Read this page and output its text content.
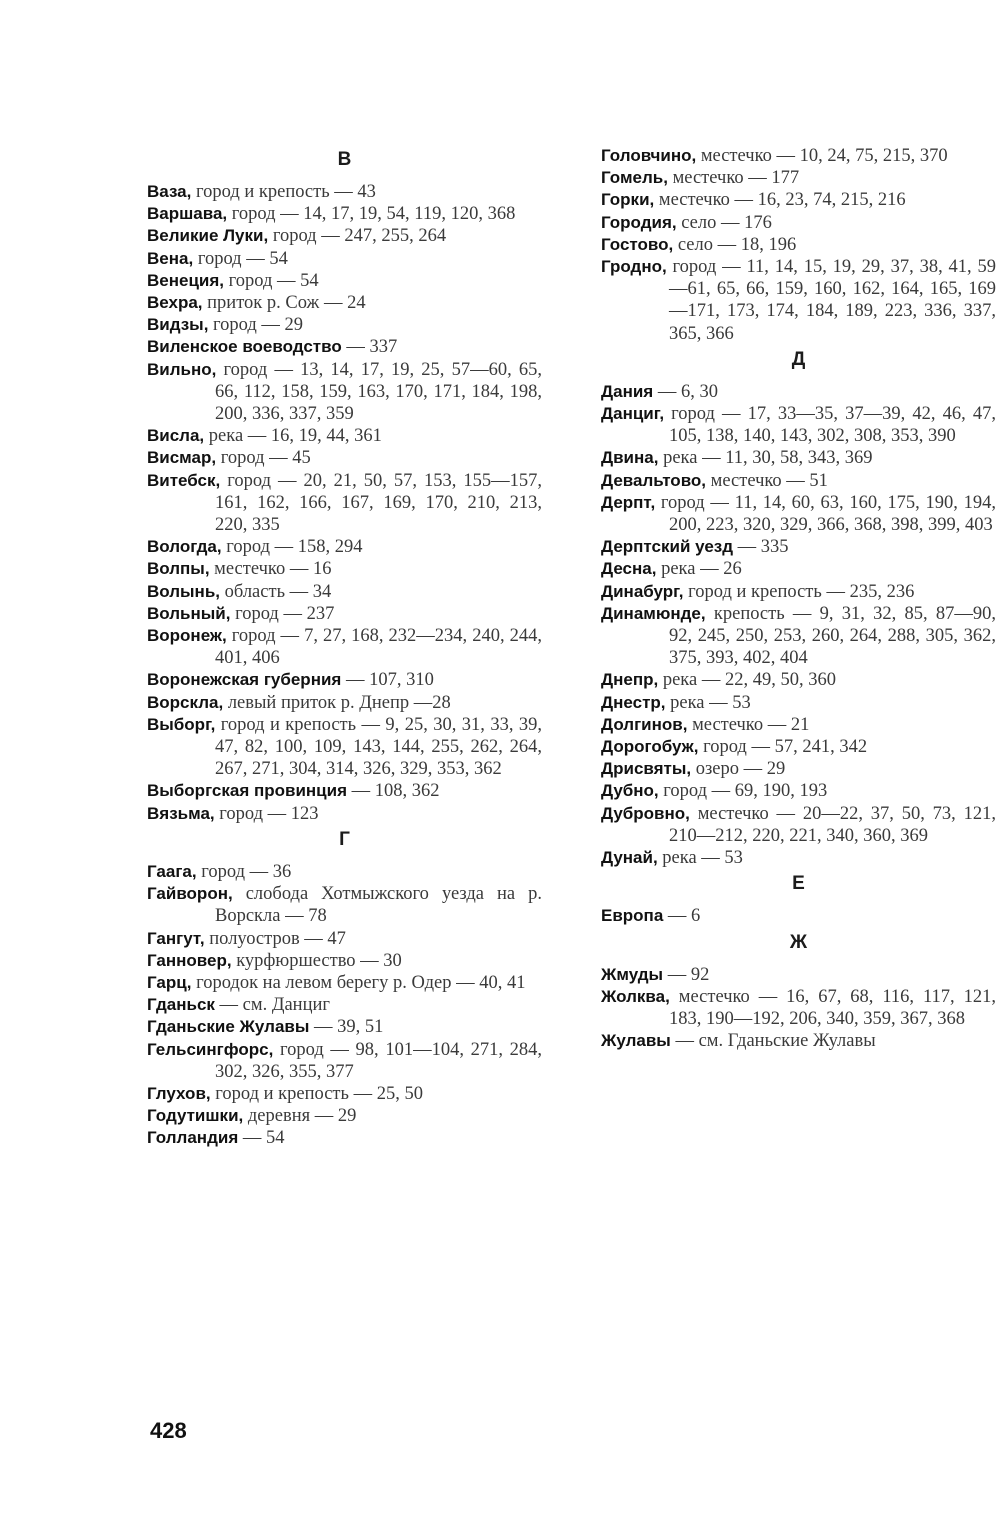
В
Ваза, город и крепость — 43
Варшава, город — 14, 17, 19, 54, 119, 120, 368
Великие Луки, город — 247, 255, 264
Вена, город — 54
Венеция, город — 54
Вехра, приток р. Сож — 24
Видзы, город — 29
Виленское воеводство — 337
Вильно, город — 13, 14, 17, 19, 25, 57—60, 65, 66, 112, 158, 159, 163, 170, 171, 184, 198, 200, 336, 337, 359
Висла, река — 16, 19, 44, 361
Висмар, город — 45
Витебск, город — 20, 21, 50, 57, 153, 155—157, 161, 162, 166, 167, 169, 170, 210, 213, 220, 335
Вологда, город — 158, 294
Волпы, местечко — 16
Волынь, область — 34
Вольный, город — 237
Воронеж, город — 7, 27, 168, 232—234, 240, 244, 401, 406
Воронежская губерния — 107, 310
Ворскла, левый приток р. Днепр —28
Выборг, город и крепость — 9, 25, 30, 31, 33, 39, 47, 82, 100, 109, 143, 144, 255, 262, 264, 267, 271, 304, 314, 326, 329, 353, 362
Выборгская провинция — 108, 362
Вязьма, город — 123
Г
Гаага, город — 36
Гайворон, слобода Хотмыжского уезда на р. Ворскла — 78
Гангут, полуостров — 47
Ганновер, курфюршество — 30
Гарц, городок на левом берегу р. Одер — 40, 41
Гданьск — см. Данциг
Гданьские Жулавы — 39, 51
Гельсингфорс, город — 98, 101—104, 271, 284, 302, 326, 355, 377
Глухов, город и крепость — 25, 50
Годутишки, деревня — 29
Голландия — 54
Головчино, местечко — 10, 24, 75, 215, 370
Гомель, местечко — 177
Горки, местечко — 16, 23, 74, 215, 216
Городия, село — 176
Гостово, село — 18, 196
Гродно, город — 11, 14, 15, 19, 29, 37, 38, 41, 59—61, 65, 66, 159, 160, 162, 164, 165, 169—171, 173, 174, 184, 189, 223, 336, 337, 365, 366
Д
Дания — 6, 30
Данциг, город — 17, 33—35, 37—39, 42, 46, 47, 105, 138, 140, 143, 302, 308, 353, 390
Двина, река — 11, 30, 58, 343, 369
Девальтово, местечко — 51
Дерпт, город — 11, 14, 60, 63, 160, 175, 190, 194, 200, 223, 320, 329, 366, 368, 398, 399, 403
Дерптский уезд — 335
Десна, река — 26
Динабург, город и крепость — 235, 236
Динамюнде, крепость — 9, 31, 32, 85, 87—90, 92, 245, 250, 253, 260, 264, 288, 305, 362, 375, 393, 402, 404
Днепр, река — 22, 49, 50, 360
Днестр, река — 53
Долгинов, местечко — 21
Дорогобуж, город — 57, 241, 342
Дрисвяты, озеро — 29
Дубно, город — 69, 190, 193
Дубровно, местечко — 20—22, 37, 50, 73, 121, 210—212, 220, 221, 340, 360, 369
Дунай, река — 53
Е
Европа — 6
Ж
Жмуды — 92
Жолква, местечко — 16, 67, 68, 116, 117, 121, 183, 190—192, 206, 340, 359, 367, 368
Жулавы — см. Гданьские Жулавы
428
